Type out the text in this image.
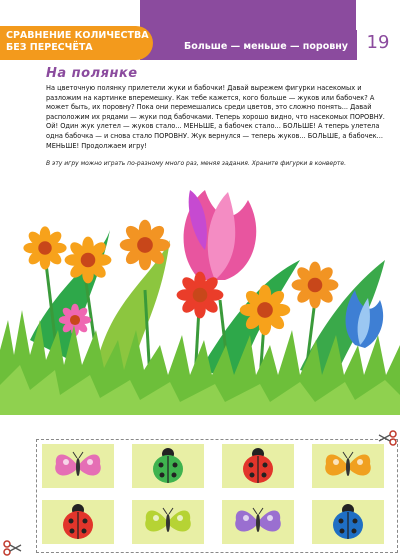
Больше — меньше — поровну
СРАВНЕНИЕ КОЛИЧЕСТВА
БЕЗ ПЕРЕСЧЁТА	19
На полянке
На цветочную полянку прилетели жуки и бабочки! Давай вырежем фигурки насекомых и разложим на картинке вперемешку. Как тебе кажется, кого больше — жуков или бабочек? А может быть, их поровну? Пока они перемешались среди цветов, это сложно понять... Давай расположим их рядами — жуки под бабочками. Теперь хорошо видно, что насекомых ПОРОВНУ. Ой! Один жук улетел — жуков стало... МЕНЬШЕ, а бабочек стало... БОЛЬШЕ! А теперь улетела одна бабочка — и снова стало ПОРОВНУ. Жук вернулся — теперь жуков... БОЛЬШЕ, а бабочек... МЕНЬШЕ! Продолжаем игру!
В эту игру можно играть по-разному много раз, меняя задания. Храните фигурки в конверте.
